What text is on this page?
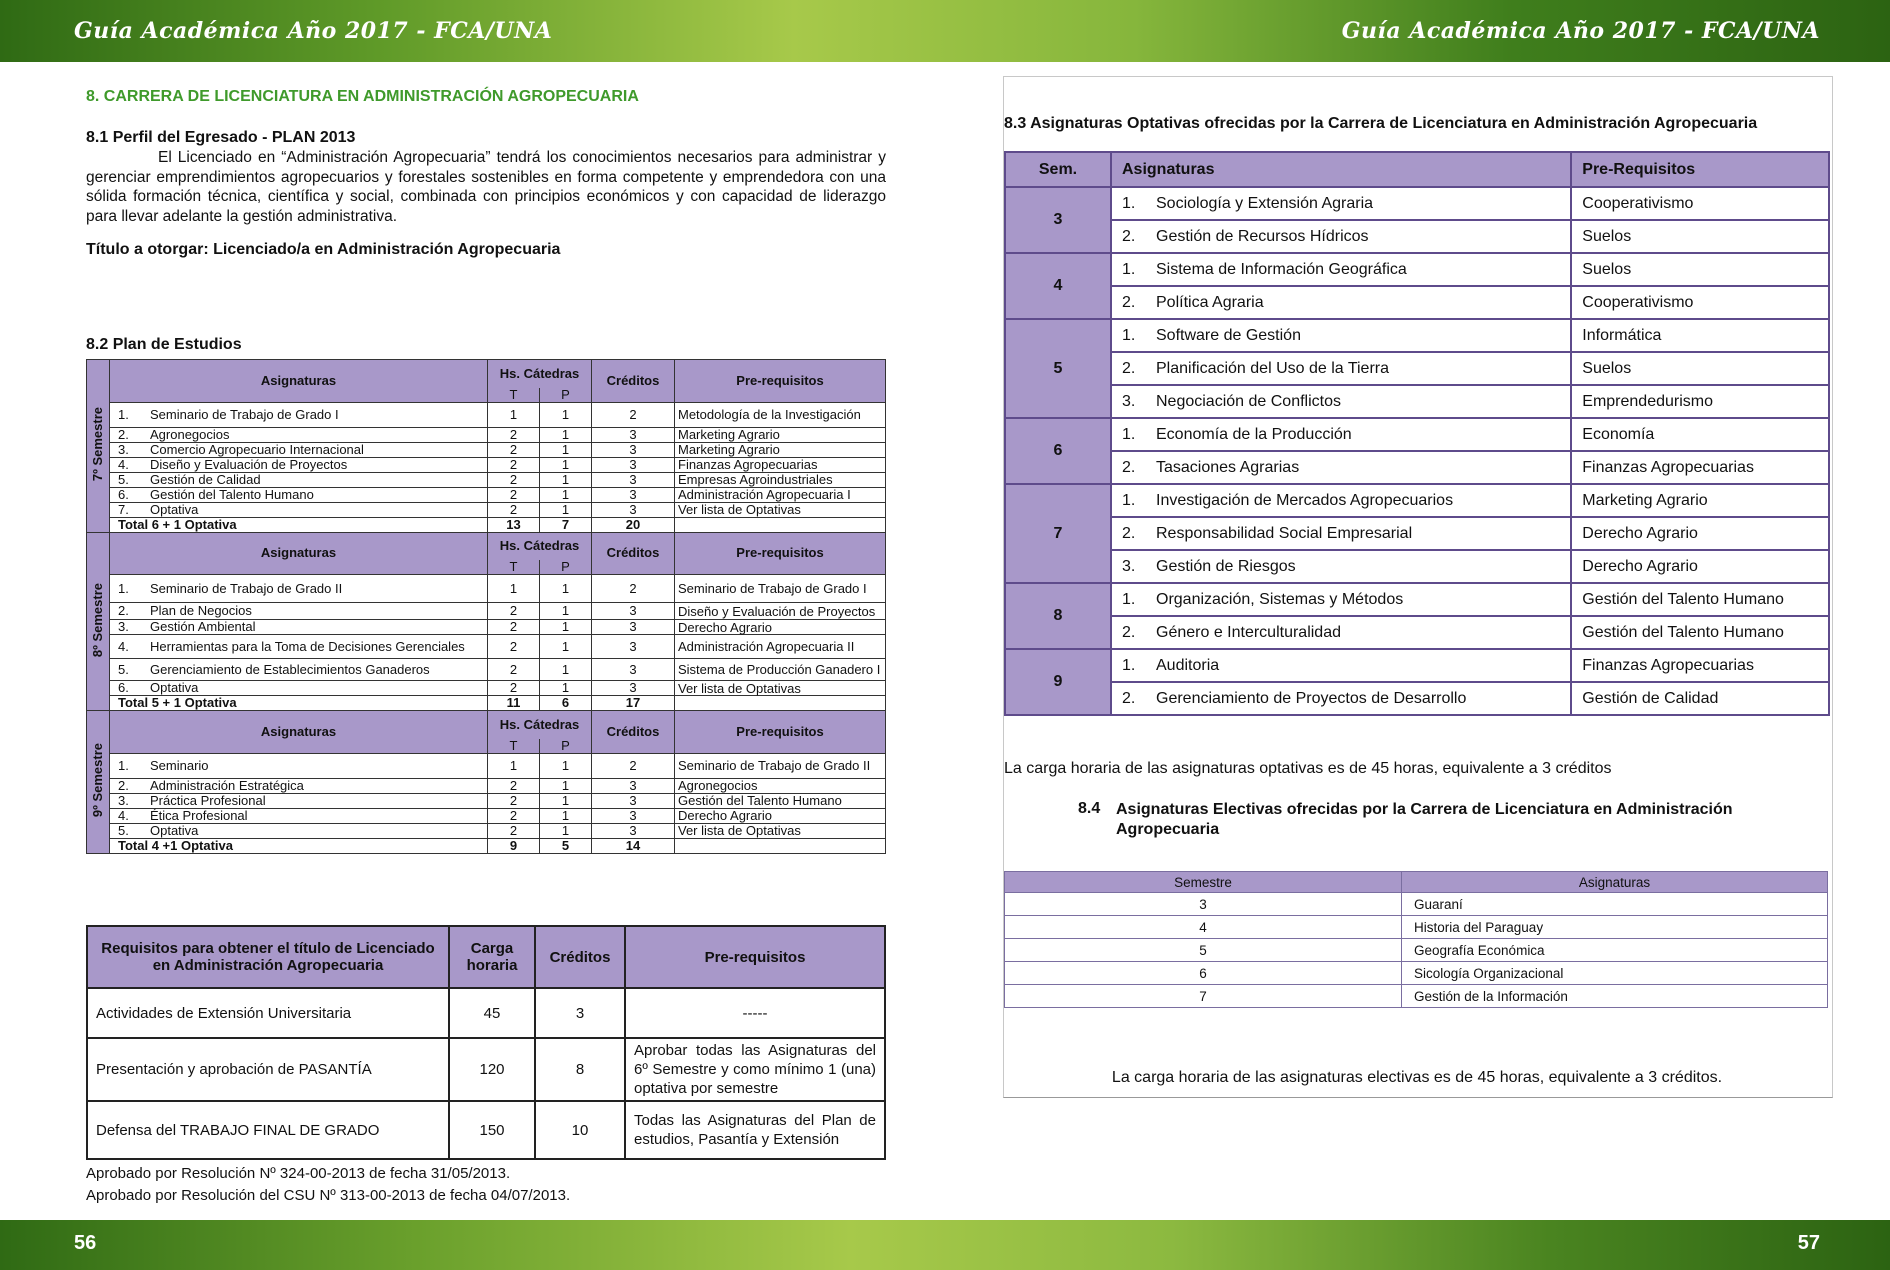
Guía Académica Año 2017 - FCA/UNA	Guía Académica Año 2017 - FCA/UNA
56	57
8. CARRERA DE LICENCIATURA EN ADMINISTRACIÓN AGROPECUARIA
8.1 Perfil del Egresado - PLAN 2013
El Licenciado en “Administración Agropecuaria” tendrá los conocimientos necesarios para administrar y gerenciar emprendimientos agropecuarios y forestales sostenibles en forma competente y emprendedora con una sólida formación técnica, científica y social, combinada con principios económicos y con capacidad de liderazgo para llevar adelante la gestión administrativa.
Título a otorgar: Licenciado/a en Administración Agropecuaria
8.2 Plan de Estudios
7º Semestre	Asignaturas		Hs. Cátedras		Créditos	Pre-requisitos
			T	P		
	1.	Seminario de Trabajo de Grado I	1	1	2	Metodología de la Investigación
	2.	Agronegocios	2	1	3	Marketing Agrario
	3.	Comercio Agropecuario Internacional	2	1	3	Marketing Agrario
	4.	Diseño y Evaluación de Proyectos	2	1	3	Finanzas Agropecuarias
	5.	Gestión de Calidad	2	1	3	Empresas Agroindustriales
	6.	Gestión del Talento Humano	2	1	3	Administración Agropecuaria I
	7.	Optativa	2	1	3	Ver lista de Optativas
	Total 6 + 1 Optativa		13	7	20	
8º Semestre	Asignaturas		Hs. Cátedras		Créditos	Pre-requisitos
			T	P		
	1.	Seminario de Trabajo de Grado II	1	1	2	Seminario de Trabajo de Grado I
	2.	Plan de Negocios	2	1	3	Diseño y Evaluación de Proyectos
	3.	Gestión Ambiental	2	1	3	Derecho Agrario
	4.	Herramientas para la Toma de Decisiones Gerenciales	2	1	3	Administración Agropecuaria II
	5.	Gerenciamiento de Establecimientos Ganaderos	2	1	3	Sistema de Producción Ganadero I
	6.	Optativa	2	1	3	Ver lista de Optativas
	Total 5 + 1 Optativa		11	6	17	
9º Semestre	Asignaturas		Hs. Cátedras		Créditos	Pre-requisitos
			T	P		
	1.	Seminario	1	1	2	Seminario de Trabajo de Grado II
	2.	Administración Estratégica	2	1	3	Agronegocios
	3.	Práctica Profesional	2	1	3	Gestión del Talento Humano
	4.	Ética Profesional	2	1	3	Derecho Agrario
	5.	Optativa	2	1	3	Ver lista de Optativas
	Total 4 +1 Optativa		9	5	14	
Requisitos para obtener el título de Licenciado en Administración Agropecuaria	Carga horaria	Créditos	Pre-requisitos
Actividades de Extensión Universitaria	45	3	-----
Presentación y aprobación de PASANTÍA	120	8	Aprobar todas las Asignaturas del 6º Semestre y como mínimo 1 (una) optativa por semestre
Defensa del TRABAJO FINAL DE GRADO	150	10	Todas las Asignaturas del Plan de estudios, Pasantía y Extensión
Aprobado por Resolución Nº 324-00-2013 de fecha 31/05/2013.
Aprobado por Resolución del CSU Nº 313-00-2013 de fecha 04/07/2013.
8.3 Asignaturas Optativas ofrecidas por la Carrera de Licenciatura en Administración Agropecuaria
Sem.	Asignaturas		Pre-Requisitos
3	1.	Sociología y Extensión Agraria	Cooperativismo
	2.	Gestión de Recursos Hídricos	Suelos
4	1.	Sistema de Información Geográfica	Suelos
	2.	Política Agraria	Cooperativismo
5	1.	Software de Gestión	Informática
	2.	Planificación del Uso de la Tierra	Suelos
	3.	Negociación de Conflictos	Emprendedurismo
6	1.	Economía de la Producción	Economía
	2.	Tasaciones Agrarias	Finanzas Agropecuarias
7	1.	Investigación de Mercados Agropecuarios	Marketing Agrario
	2.	Responsabilidad Social Empresarial	Derecho Agrario
	3.	Gestión de Riesgos	Derecho Agrario
8	1.	Organización, Sistemas y Métodos	Gestión del Talento Humano
	2.	Género e Interculturalidad	Gestión del Talento Humano
9	1.	Auditoria	Finanzas Agropecuarias
	2.	Gerenciamiento de Proyectos de Desarrollo	Gestión de Calidad
La carga horaria de las asignaturas optativas es de 45 horas, equivalente a 3 créditos
8.4 Asignaturas Electivas ofrecidas por la Carrera de Licenciatura en Administración Agropecuaria
Semestre	Asignaturas
3	Guaraní
4	Historia del Paraguay
5	Geografía Económica
6	Sicología Organizacional
7	Gestión de la Información
La carga horaria de las asignaturas electivas es de 45 horas, equivalente a 3 créditos.
